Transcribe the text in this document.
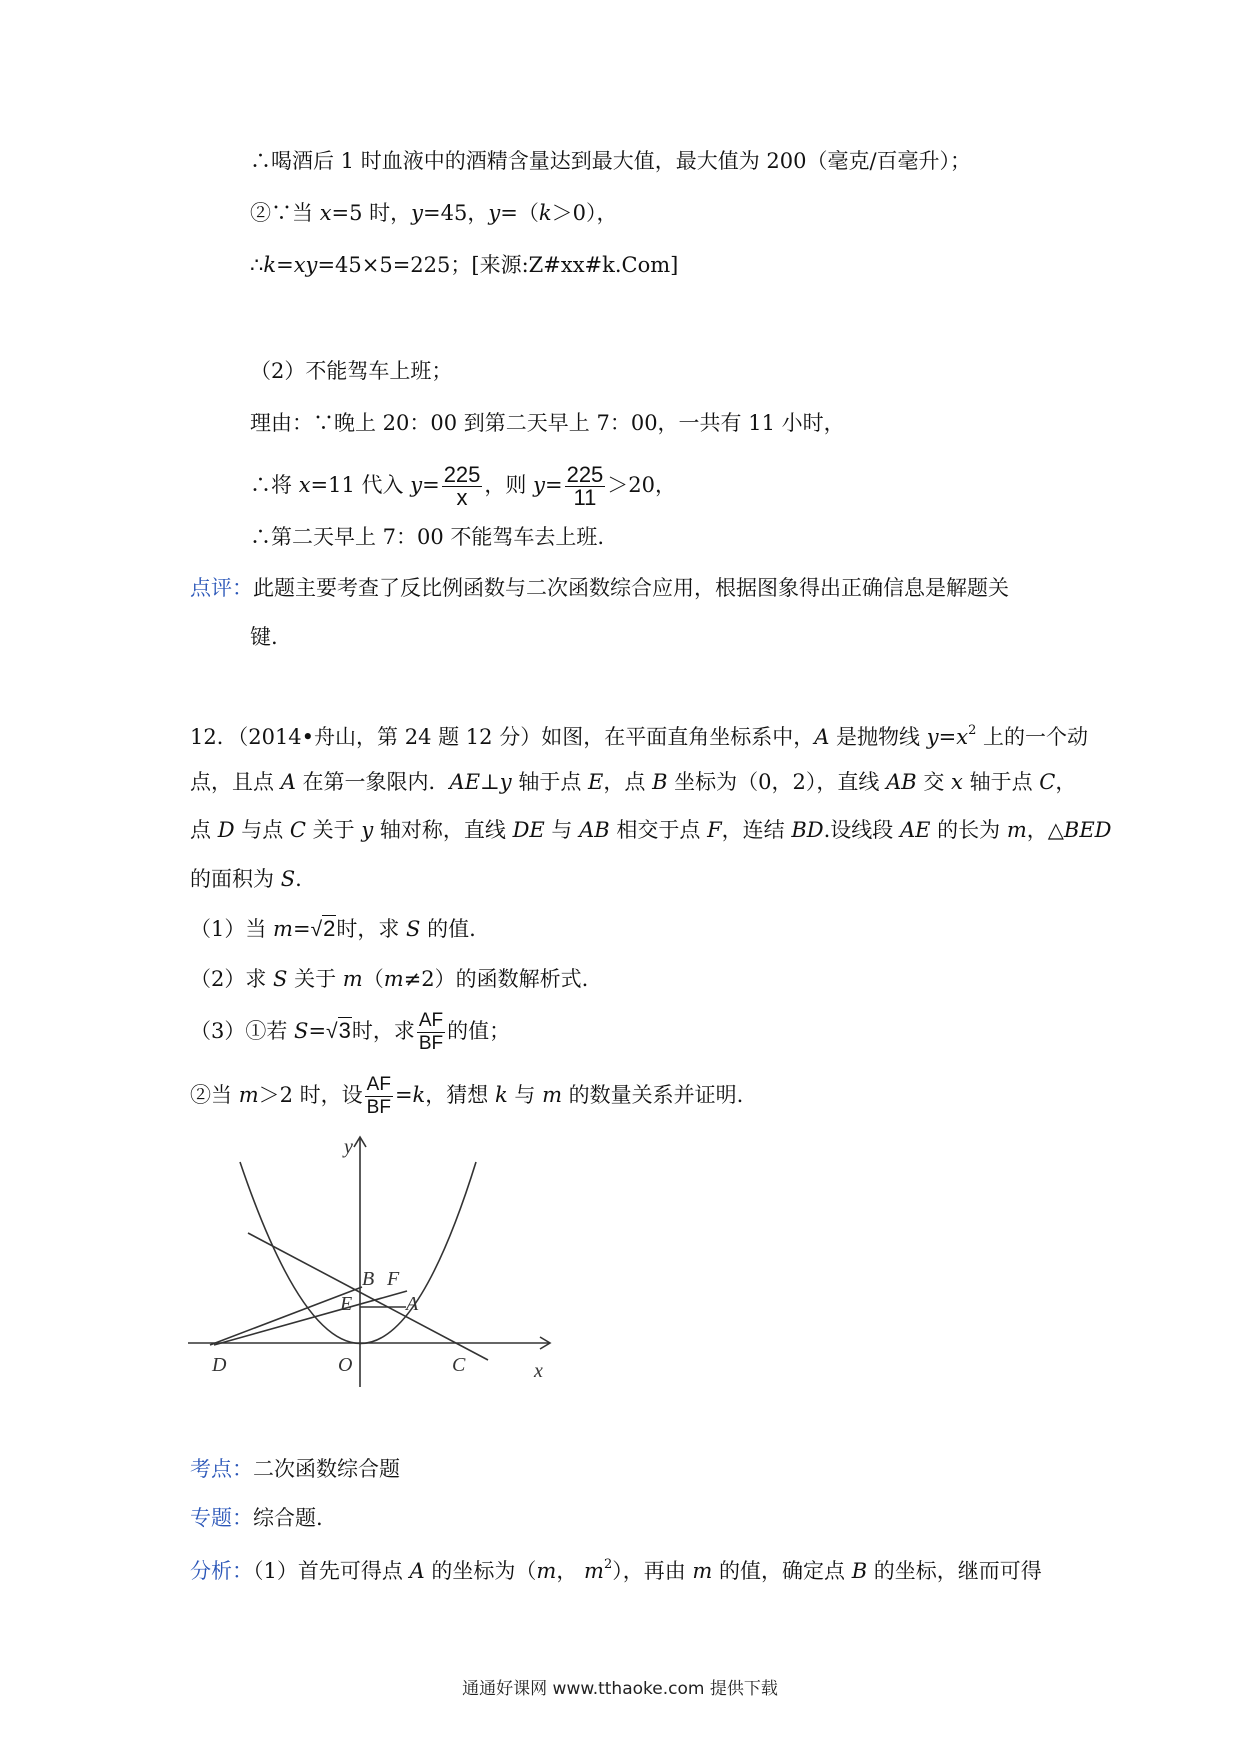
∴喝酒后 1 时血液中的酒精含量达到最大值，最大值为 200（毫克/百毫升）；
②∵当 x=5 时，y=45，y=（k＞0），
∴k=xy=45×5=225；[来源:Z#xx#k.Com]
（2）不能驾车上班；
理由：∵晚上 20：00 到第二天早上 7：00，一共有 11 小时，
∴将 x=11 代入 $y= \frac{225}{x}$ ，则 $y= \frac{225}{11} >20$，
∴第二天早上 7：00 不能驾车去上班.
点评：此题主要考查了反比例函数与二次函数综合应用，根据图象得出正确信息是解题关
键.
12．（2014•舟山，第 24 题 12 分）如图，在平面直角坐标系中，A 是抛物线 $y=x^2$ 上的一个动
点，且点 A 在第一象限内．AE⊥y 轴于点 E，点 B 坐标为（0，2），直线 AB 交 x 轴于点 C，
点 D 与点 C 关于 y 轴对称，直线 DE 与 AB 相交于点 F，连结 BD.设线段 AE 的长为 m，△BED
的面积为 S.
（1）当 m=√2时，求 S 的值.
（2）求 S 关于 m（m≠2）的函数解析式.
（3）①若 S=√3时，求 $\frac{AF}{BF}$ 的值；
②当 m＞2 时，设 $\frac{AF}{BF} =k$，猜想 k 与 m 的数量关系并证明.
y
x
B F
E	A
D	O	C
考点：二次函数综合题
专题：综合题.
分析：（1）首先可得点 A 的坐标为（m， $m^2$），再由 m 的值，确定点 B 的坐标，继而可得
通通好课网 www.tthaoke.com 提供下载
